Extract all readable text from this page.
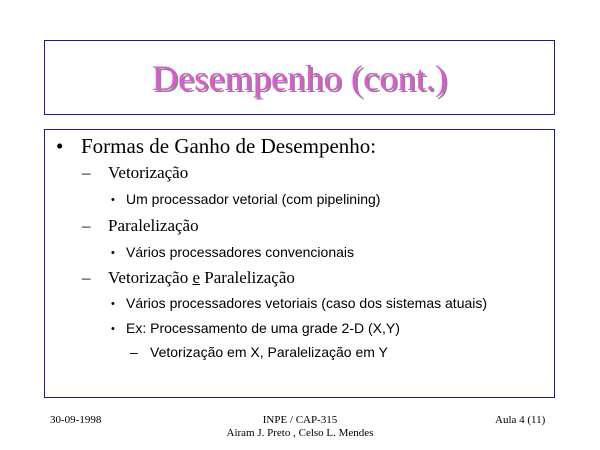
Desempenho (cont.)
• Formas de Ganho de Desempenho:
– Vetorização
• Um processador vetorial (com pipelining)
– Paralelização
• Vários processadores convencionais
– Vetorização e Paralelização
• Vários processadores vetoriais (caso dos sistemas atuais)
• Ex: Processamento de uma grade 2-D (X,Y)
– Vetorização em X, Paralelização em Y
30-09-1998	INPE / CAP-315
Airam J. Preto , Celso L. Mendes
Aula 4 (11)
